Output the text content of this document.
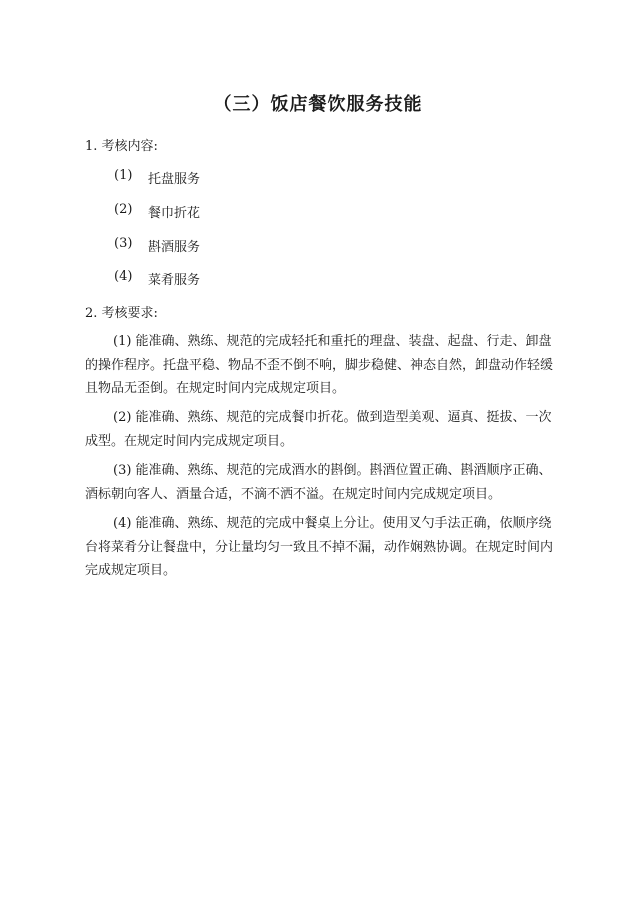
（三）饭店餐饮服务技能
1. 考核内容:
(1) 托盘服务
(2) 餐巾折花
(3) 斟酒服务
(4) 菜肴服务
2. 考核要求:

(1) 能准确、熟练、规范的完成轻托和重托的理盘、装盘、起盘、行走、卸盘的操作程序。托盘平稳、物品不歪不倒不响，脚步稳健、神态自然，卸盘动作轻缓且物品无歪倒。在规定时间内完成规定项目。

(2) 能准确、熟练、规范的完成餐巾折花。做到造型美观、逼真、挺拔、一次成型。在规定时间内完成规定项目。

(3) 能准确、熟练、规范的完成酒水的斟倒。斟酒位置正确、斟酒顺序正确、酒标朝向客人、酒量合适，不滴不洒不溢。在规定时间内完成规定项目。

(4) 能准确、熟练、规范的完成中餐桌上分让。使用叉勺手法正确，依顺序绕台将菜肴分让餐盘中，分让量均匀一致且不掉不漏，动作娴熟协调。在规定时间内完成规定项目。
